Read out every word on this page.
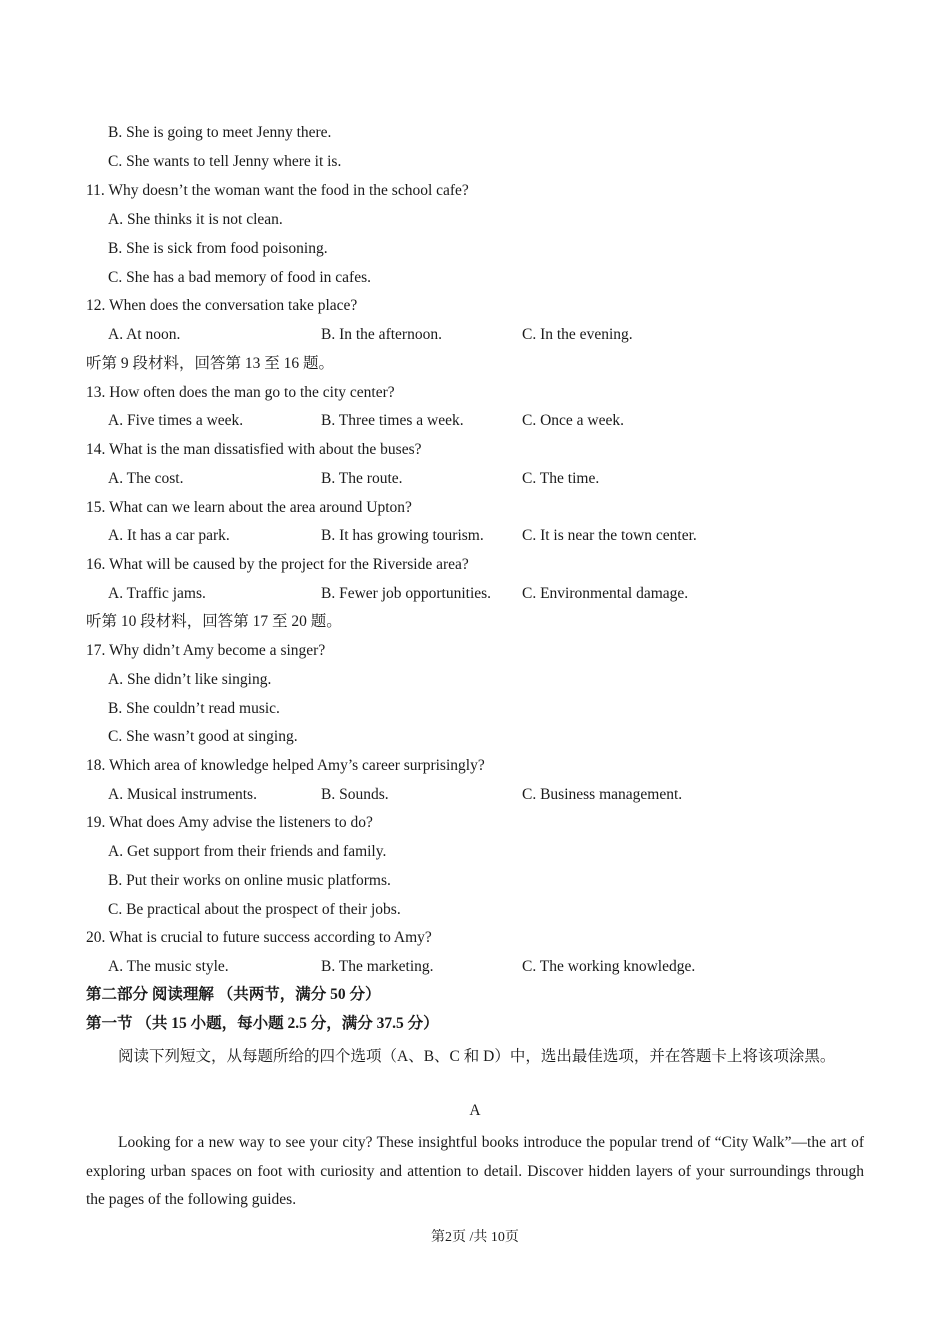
B. She is going to meet Jenny there.
C. She wants to tell Jenny where it is.
11. Why doesn’t the woman want the food in the school cafe?
A. She thinks it is not clean.
B. She is sick from food poisoning.
C. She has a bad memory of food in cafes.
12. When does the conversation take place?
A. At noon.	B. In the afternoon.	C. In the evening.
听第 9 段材料，回答第 13 至 16 题。
13. How often does the man go to the city center?
A. Five times a week.	B. Three times a week.	C. Once a week.
14. What is the man dissatisfied with about the buses?
A. The cost.	B. The route.	C. The time.
15. What can we learn about the area around Upton?
A. It has a car park.	B. It has growing tourism. C. It is near the town center.
16. What will be caused by the project for the Riverside area?
A. Traffic jams.	B. Fewer job opportunities. C. Environmental damage.
听第 10 段材料，回答第 17 至 20 题。
17. Why didn’t Amy become a singer?
A. She didn’t like singing.
B. She couldn’t read music.
C. She wasn’t good at singing.
18. Which area of knowledge helped Amy’s career surprisingly?
A. Musical instruments.	B. Sounds.	C. Business management.
19. What does Amy advise the listeners to do?
A. Get support from their friends and family.
B. Put their works on online music platforms.
C. Be practical about the prospect of their jobs.
20. What is crucial to future success according to Amy?
A. The music style.	B. The marketing.	C. The working knowledge.
第二部分 阅读理解 （共两节，满分 50 分）
第一节 （共 15 小题，每小题 2.5 分，满分 37.5 分）
阅读下列短文，从每题所给的四个选项（A、B、C 和 D）中，选出最佳选项，并在答题卡上将该项涂黑。
A
Looking for a new way to see your city? These insightful books introduce the popular trend of “City Walk”—the art of exploring urban spaces on foot with curiosity and attention to detail. Discover hidden layers of your surroundings through the pages of the following guides.
第2页 /共 10页
